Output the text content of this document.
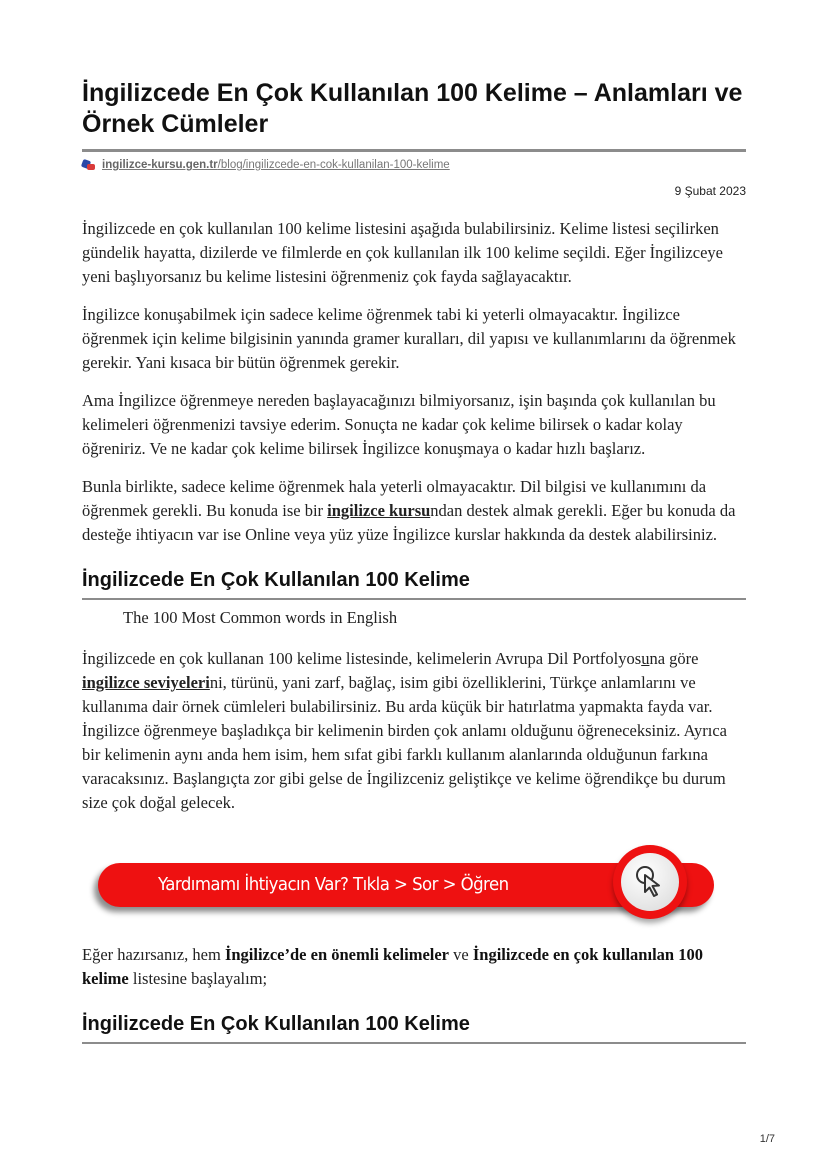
İngilizcede En Çok Kullanılan 100 Kelime – Anlamları ve Örnek Cümleler
ingilizce-kursu.gen.tr/blog/ingilizcede-en-cok-kullanilan-100-kelime
9 Şubat 2023

İngilizcede en çok kullanılan 100 kelime listesini aşağıda bulabilirsiniz. Kelime listesi seçilirken gündelik hayatta, dizilerde ve filmlerde en çok kullanılan ilk 100 kelime seçildi. Eğer İngilizceye yeni başlıyorsanız bu kelime listesini öğrenmeniz çok fayda sağlayacaktır.

İngilizce konuşabilmek için sadece kelime öğrenmek tabi ki yeterli olmayacaktır. İngilizce öğrenmek için kelime bilgisinin yanında gramer kuralları, dil yapısı ve kullanımlarını da öğrenmek gerekir. Yani kısaca bir bütün öğrenmek gerekir.

Ama İngilizce öğrenmeye nereden başlayacağınızı bilmiyorsanız, işin başında çok kullanılan bu kelimeleri öğrenmenizi tavsiye ederim. Sonuçta ne kadar çok kelime bilirsek o kadar kolay öğreniriz. Ve ne kadar çok kelime bilirsek İngilizce konuşmaya o kadar hızlı başlarız.

Bunla birlikte, sadece kelime öğrenmek hala yeterli olmayacaktır. Dil bilgisi ve kullanımını da öğrenmek gerekli. Bu konuda ise bir ingilizce kursundan destek almak gerekli. Eğer bu konuda da desteğe ihtiyacın var ise Online veya yüz yüze İngilizce kurslar hakkında da destek alabilirsiniz.

İngilizcede En Çok Kullanılan 100 Kelime
The 100 Most Common words in English

İngilizcede en çok kullanan 100 kelime listesinde, kelimelerin Avrupa Dil Portfolyosuna göre ingilizce seviyelerini, türünü, yani zarf, bağlaç, isim gibi özelliklerini, Türkçe anlamlarını ve kullanıma dair örnek cümleleri bulabilirsiniz. Bu arda küçük bir hatırlatma yapmakta fayda var. İngilizce öğrenmeye başladıkça bir kelimenin birden çok anlamı olduğunu öğreneceksiniz. Ayrıca bir kelimenin aynı anda hem isim, hem sıfat gibi farklı kullanım alanlarında olduğunun farkına varacaksınız. Başlangıçta zor gibi gelse de İngilizceniz geliştikçe ve kelime öğrendikçe bu durum size çok doğal gelecek.

Yardımamı İhtiyacın Var? Tıkla > Sor > Öğren

Eğer hazırsanız, hem İngilizce’de en önemli kelimeler ve İngilizcede en çok kullanılan 100 kelime listesine başlayalım;

İngilizcede En Çok Kullanılan 100 Kelime
1/7
